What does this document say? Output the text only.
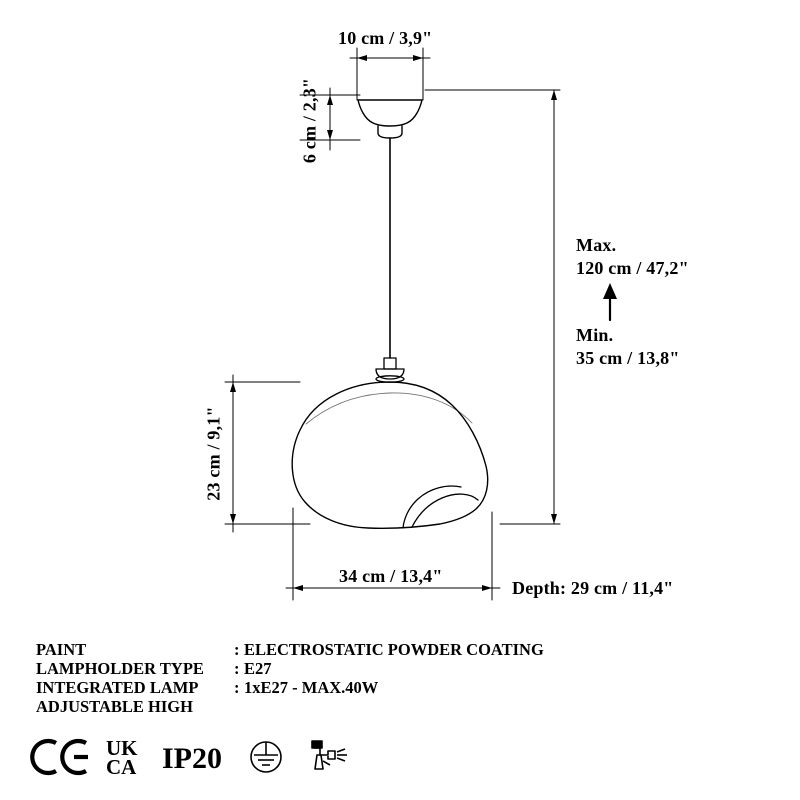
10 cm / 3,9"
6 cm / 2,3"
Max.
120 cm / 47,2"
Min.
35 cm / 13,8"
23 cm / 9,1"
34 cm / 13,4"
Depth: 29 cm / 11,4"
PAINT	: ELECTROSTATIC POWDER COATING
LAMPHOLDER TYPE	: E27
INTEGRATED LAMP	: 1xE27 - MAX.40W
ADJUSTABLE HIGH
UK
CA IP20
